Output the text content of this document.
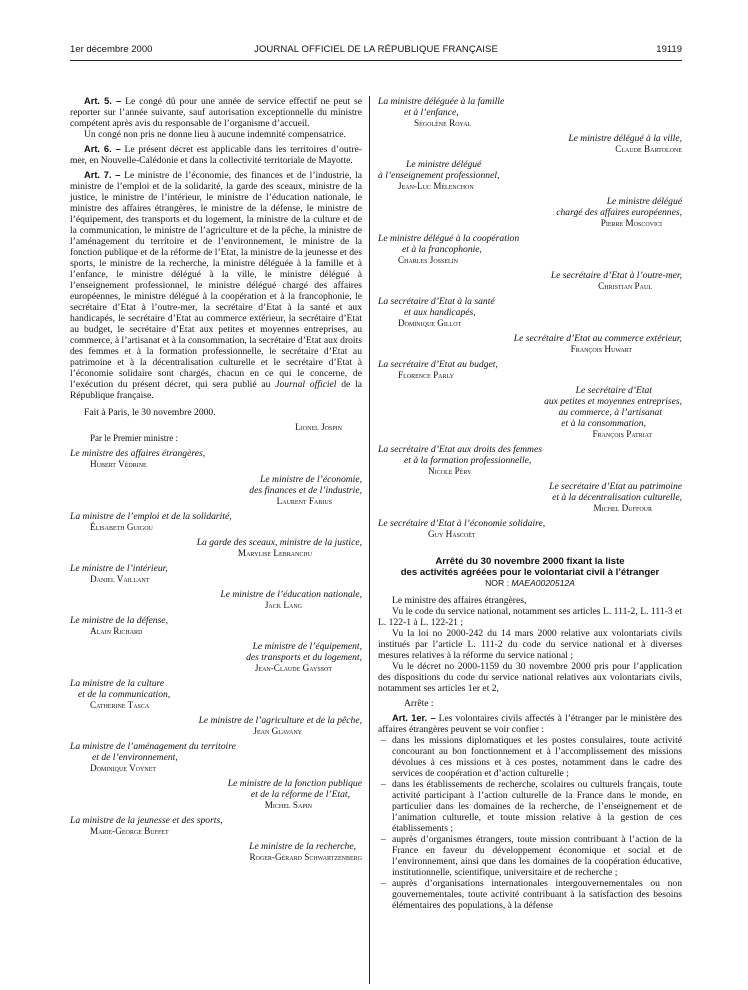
1er décembre 2000	JOURNAL OFFICIEL DE LA RÉPUBLIQUE FRANÇAISE	19119

Art. 5. – Le congé dû pour une année de service effectif ne peut se reporter sur l’année suivante, sauf autorisation exceptionnelle du ministre compétent après avis du responsable de l’organisme d’accueil.

Un congé non pris ne donne lieu à aucune indemnité compensatrice.

Art. 6. – Le présent décret est applicable dans les territoires d’outre-mer, en Nouvelle-Calédonie et dans la collectivité territoriale de Mayotte.

Art. 7. – Le ministre de l’économie, des finances et de l’industrie, la ministre de l’emploi et de la solidarité, la garde des sceaux, ministre de la justice, le ministre de l’intérieur, le ministre de l’éducation nationale, le ministre des affaires étrangères, le ministre de la défense, le ministre de l’équipement, des transports et du logement, la ministre de la culture et de la communication, le ministre de l’agriculture et de la pêche, la ministre de l’aménagement du territoire et de l’environnement, le ministre de la fonction publique et de la réforme de l’Etat, la ministre de la jeunesse et des sports, le ministre de la recherche, la ministre déléguée à la famille et à l’enfance, le ministre délégué à la ville, le ministre délégué à l’enseignement professionnel, le ministre délégué chargé des affaires européennes, le ministre délégué à la coopération et à la francophonie, le secrétaire d’Etat à l’outre-mer, la secrétaire d’Etat à la santé et aux handicapés, le secrétaire d’Etat au commerce extérieur, la secrétaire d’Etat au budget, le secrétaire d’Etat aux petites et moyennes entreprises, au commerce, à l’artisanat et à la consommation, la secrétaire d’Etat aux droits des femmes et à la formation professionnelle, le secrétaire d’Etat au patrimoine et à la décentralisation culturelle et le secrétaire d’Etat à l’économie solidaire sont chargés, chacun en ce qui le concerne, de l’exécution du présent décret, qui sera publié au Journal officiel de la République française.

Fait à Paris, le 30 novembre 2000.

Lionel Jospin
Par le Premier ministre :
Le ministre des affaires étrangères,
Hubert Védrine
Le ministre de l’économie,
des finances et de l’industrie,
Laurent Fabius
La ministre de l’emploi et de la solidarité,
Élisabeth Guigou
La garde des sceaux, ministre de la justice,
Marylise Lebranchu
Le ministre de l’intérieur,
Daniel Vaillant
Le ministre de l’éducation nationale,
Jack Lang
Le ministre de la défense,
Alain Richard
Le ministre de l’équipement,
des transports et du logement,
Jean-Claude Gayssot
La ministre de la culture
et de la communication,
Catherine Tasca
Le ministre de l’agriculture et de la pêche,
Jean Glavany
La ministre de l’aménagement du territoire
et de l’environnement,
Dominique Voynet
Le ministre de la fonction publique
et de la réforme de l’Etat,
Michel Sapin
La ministre de la jeunesse et des sports,
Marie-George Buffet
Le ministre de la recherche,
Roger-Gérard Schwartzenberg
La ministre déléguée à la famille
et à l’enfance,
Ségolène Royal
Le ministre délégué à la ville,
Claude Bartolone
Le ministre délégué
à l’enseignement professionnel,
Jean-Luc Mélenchon
Le ministre délégué
chargé des affaires européennes,
Pierre Moscovici
Le ministre délégué à la coopération
et à la francophonie,
Charles Josselin
Le secrétaire d’Etat à l’outre-mer,
Christian Paul
La secrétaire d’Etat à la santé
et aux handicapés,
Dominique Gillot
Le secrétaire d’Etat au commerce extérieur,
François Huwart
La secrétaire d’Etat au budget,
Florence Parly
Le secrétaire d’Etat
aux petites et moyennes entreprises,
au commerce, à l’artisanat
et à la consommation,
François Patriat
La secrétaire d’Etat aux droits des femmes
et à la formation professionnelle,
Nicole Péry
Le secrétaire d’Etat au patrimoine
et à la décentralisation culturelle,
Michel Duffour
Le secrétaire d’Etat à l’économie solidaire,
Guy Hascoët
Arrêté du 30 novembre 2000 fixant la liste
des activités agréées pour le volontariat civil à l’étranger
NOR : MAEA0020512A

Le ministre des affaires étrangères,

Vu le code du service national, notamment ses articles L. 111-2, L. 111-3 et L. 122-1 à L. 122-21 ;

Vu la loi no 2000-242 du 14 mars 2000 relative aux volontariats civils institués par l’article L. 111-2 du code du service national et à diverses mesures relatives à la réforme du service national ;

Vu le décret no 2000-1159 du 30 novembre 2000 pris pour l’application des dispositions du code du service national relatives aux volontariats civils, notamment ses articles 1er et 2,

Arrête :

Art. 1er. – Les volontaires civils affectés à l’étranger par le ministère des affaires étrangères peuvent se voir confier :

– dans les missions diplomatiques et les postes consulaires, toute activité concourant au bon fonctionnement et à l’accomplissement des missions dévolues à ces missions et à ces postes, notamment dans le cadre des services de coopération et d’action culturelle ;
– dans les établissements de recherche, scolaires ou culturels français, toute activité participant à l’action culturelle de la France dans le monde, en particulier dans les domaines de la recherche, de l’enseignement et de l’animation culturelle, et toute mission relative à la gestion de ces établissements ;
– auprès d’organismes étrangers, toute mission contribuant à l’action de la France en faveur du développement économique et social et de l’environnement, ainsi que dans les domaines de la coopération éducative, institutionnelle, scientifique, universitaire et de recherche ;
– auprès d’organisations internationales intergouvernementales ou non gouvernementales, toute activité contribuant à la satisfaction des besoins élémentaires des populations, à la défense
